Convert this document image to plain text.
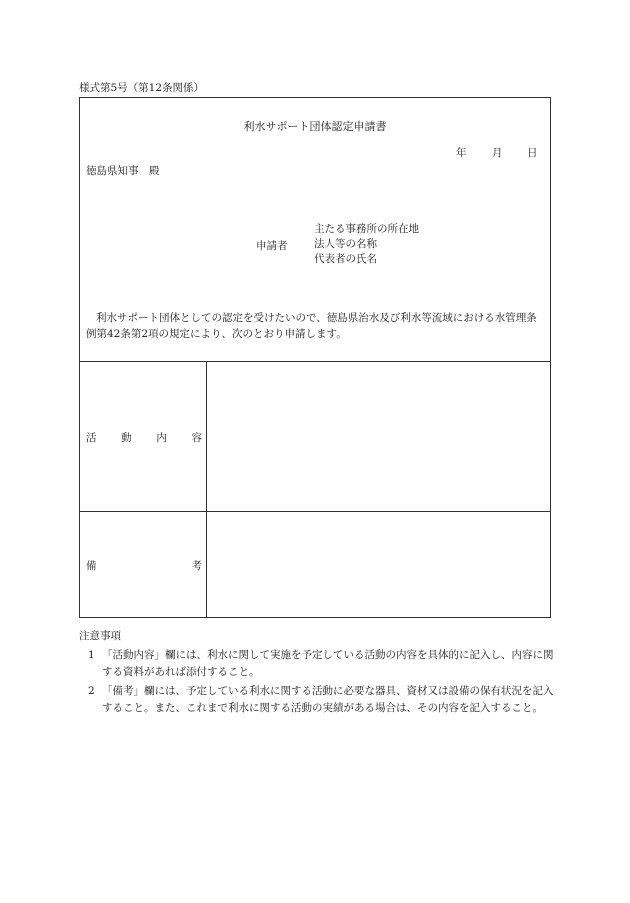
様式第5号（第12条関係）
利水サポート団体認定申請書
年 月 日
徳島県知事　殿
申請者
主たる事務所の所在地
法人等の名称
代表者の氏名
利水サポート団体としての認定を受けたいので、徳島県治水及び利水等流域における水管理条例第42条第2項の規定により、次のとおり申請します。
活 動 内 容
備	考
注意事項
1 「活動内容」欄には、利水に関して実施を予定している活動の内容を具体的に記入し、内容に関する資料があれば添付すること。
2 「備考」欄には、予定している利水に関する活動に必要な器具、資材又は設備の保有状況を記入すること。また、これまで利水に関する活動の実績がある場合は、その内容を記入すること。
